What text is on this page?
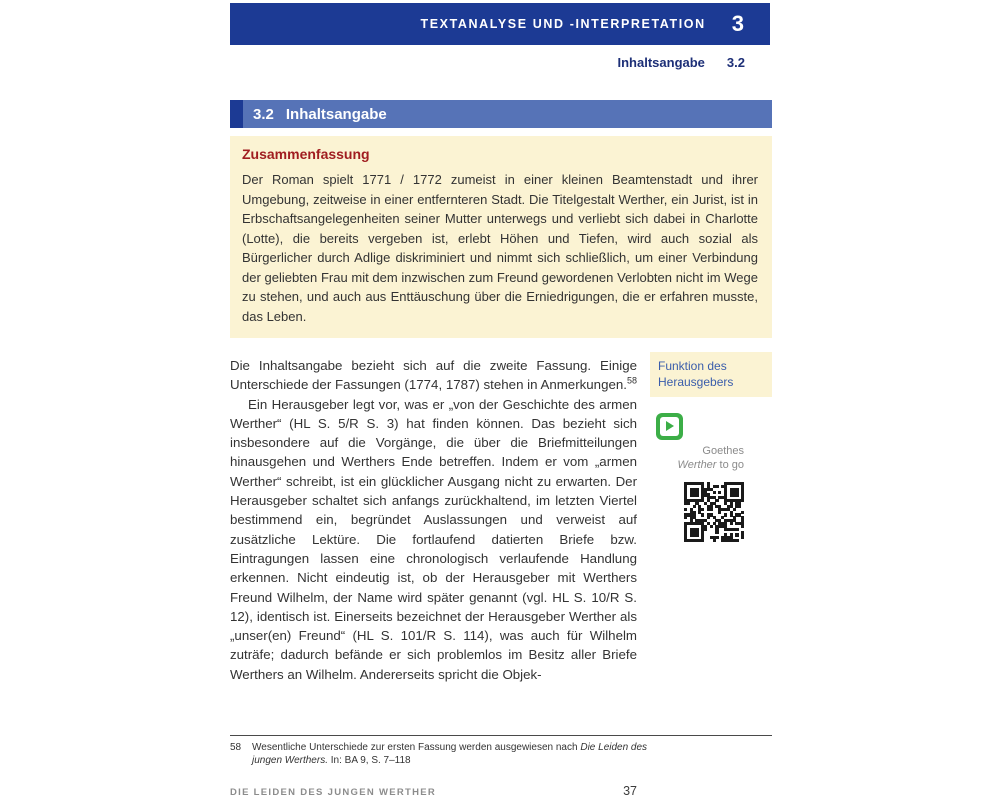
TEXTANALYSE UND -INTERPRETATION 3
Inhaltsangabe 3.2
3.2 Inhaltsangabe
Zusammenfassung

Der Roman spielt 1771 / 1772 zumeist in einer kleinen Beamtenstadt und ihrer Umgebung, zeitweise in einer entfernteren Stadt. Die Titelgestalt Werther, ein Jurist, ist in Erbschaftsangelegenheiten seiner Mutter unterwegs und verliebt sich dabei in Charlotte (Lotte), die bereits vergeben ist, erlebt Höhen und Tiefen, wird auch sozial als Bürgerlicher durch Adlige diskriminiert und nimmt sich schließlich, um einer Verbindung der geliebten Frau mit dem inzwischen zum Freund gewordenen Verlobten nicht im Wege zu stehen, und auch aus Enttäuschung über die Erniedrigungen, die er erfahren musste, das Leben.

Die Inhaltsangabe bezieht sich auf die zweite Fassung. Einige Unterschiede der Fassungen (1774, 1787) stehen in Anmerkungen.$^{58}$

Ein Herausgeber legt vor, was er „von der Geschichte des armen Werther“ (HL S. 5/R S. 3) hat finden können. Das bezieht sich insbesondere auf die Vorgänge, die über die Briefmitteilungen hinausgehen und Werthers Ende betreffen. Indem er vom „armen Werther“ schreibt, ist ein glücklicher Ausgang nicht zu erwarten. Der Herausgeber schaltet sich anfangs zurückhaltend, im letzten Viertel bestimmend ein, begründet Auslassungen und verweist auf zusätzliche Lektüre. Die fortlaufend datierten Briefe bzw. Eintragungen lassen eine chronologisch verlaufende Handlung erkennen. Nicht eindeutig ist, ob der Herausgeber mit Werthers Freund Wilhelm, der Name wird später genannt (vgl. HL S. 10/R S. 12), identisch ist. Einerseits bezeichnet der Herausgeber Werther als „unser(en) Freund“ (HL S. 101/R S. 114), was auch für Wilhelm zuträfe; dadurch befände er sich problemlos im Besitz aller Briefe Werthers an Wilhelm. Andererseits spricht die Objek-

Funktion des Herausgebers
Goethes
Werther to go
58	Wesentliche Unterschiede zur ersten Fassung werden ausgewiesen nach Die Leiden des jungen Werthers. In: BA 9, S. 7–118
DIE LEIDEN DES JUNGEN WERTHER	37
